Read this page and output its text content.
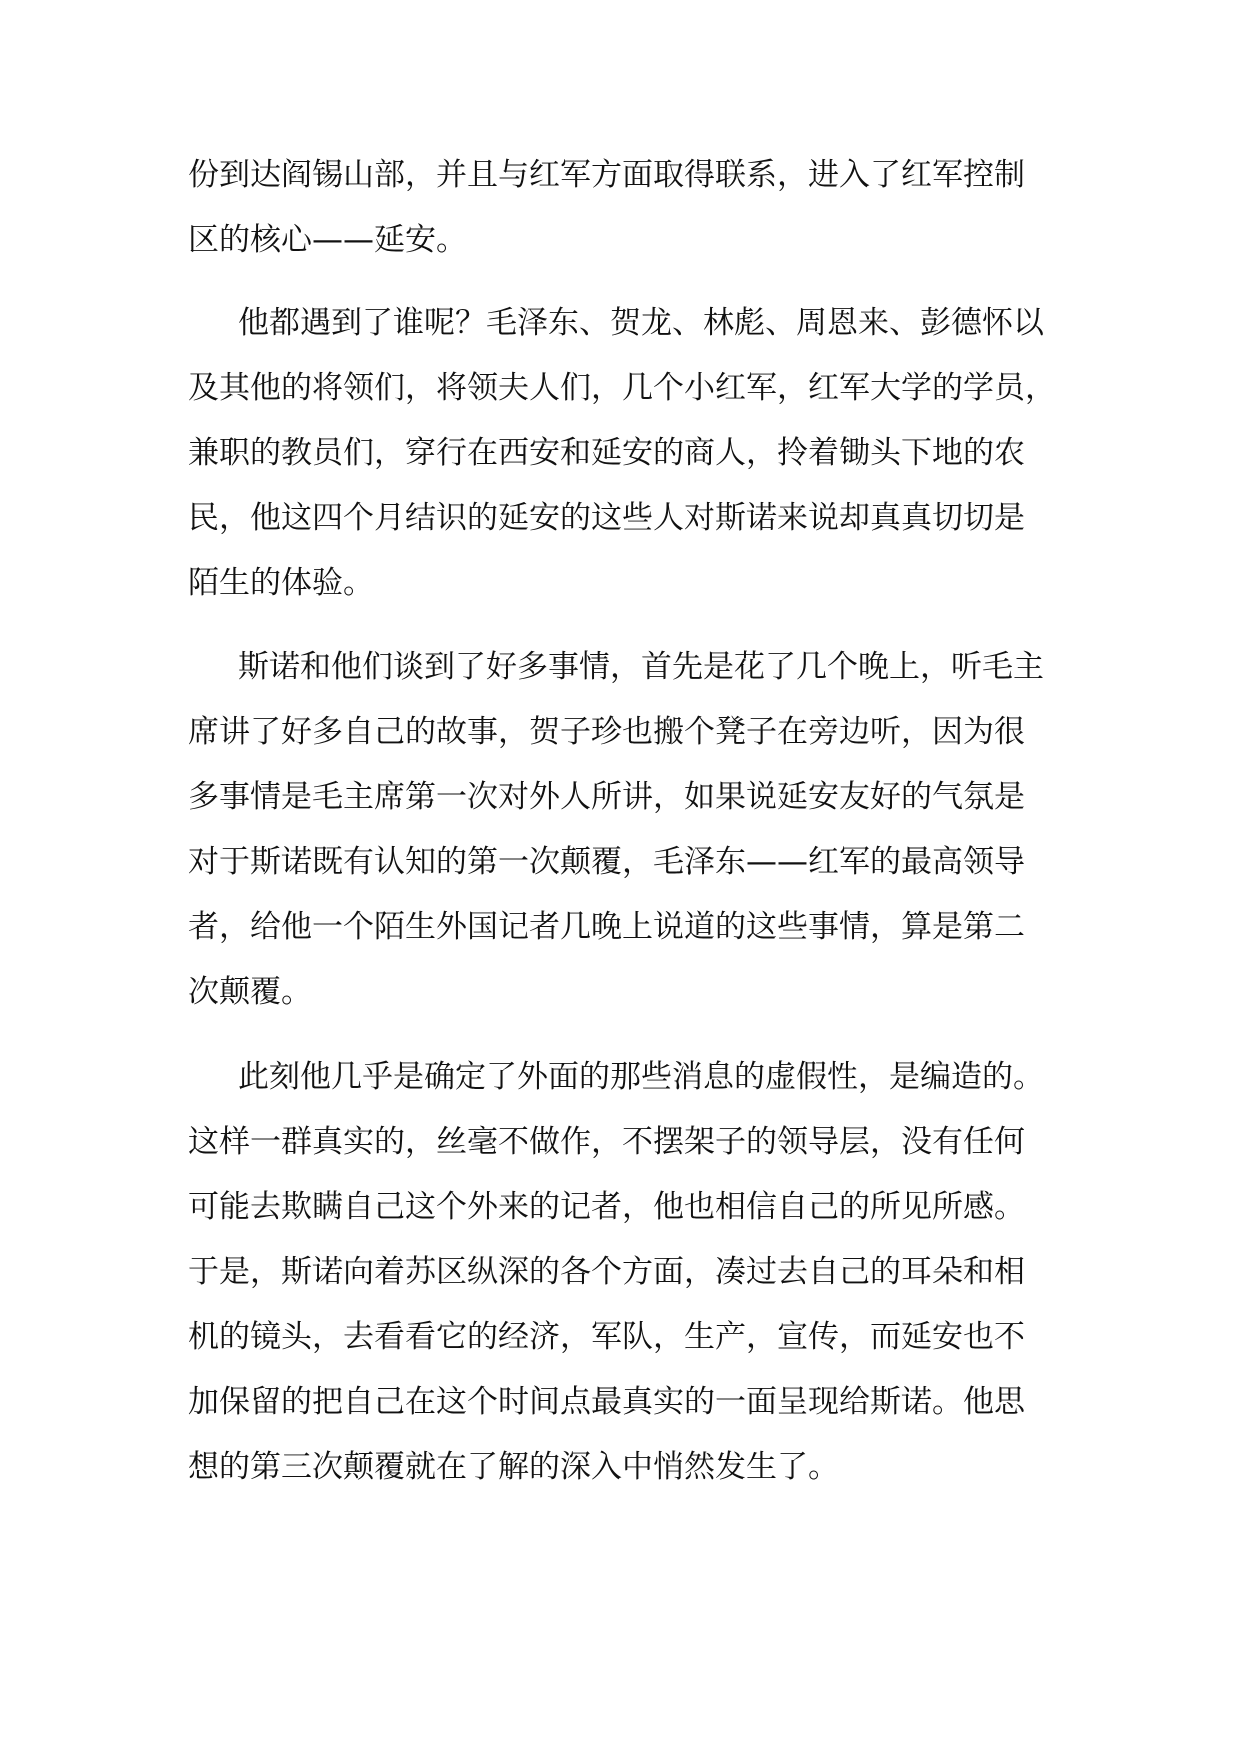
份到达阎锡山部，并且与红军方面取得联系，进入了红军控制
区的核心——延安。
他都遇到了谁呢？毛泽东、贺龙、林彪、周恩来、彭德怀以
及其他的将领们，将领夫人们，几个小红军，红军大学的学员，
兼职的教员们，穿行在西安和延安的商人，拎着锄头下地的农
民，他这四个月结识的延安的这些人对斯诺来说却真真切切是
陌生的体验。
斯诺和他们谈到了好多事情，首先是花了几个晚上，听毛主
席讲了好多自己的故事，贺子珍也搬个凳子在旁边听，因为很
多事情是毛主席第一次对外人所讲，如果说延安友好的气氛是
对于斯诺既有认知的第一次颠覆，毛泽东——红军的最高领导
者，给他一个陌生外国记者几晚上说道的这些事情，算是第二
次颠覆。
此刻他几乎是确定了外面的那些消息的虚假性，是编造的。
这样一群真实的，丝毫不做作，不摆架子的领导层，没有任何
可能去欺瞒自己这个外来的记者，他也相信自己的所见所感。
于是，斯诺向着苏区纵深的各个方面，凑过去自己的耳朵和相
机的镜头，去看看它的经济，军队，生产，宣传，而延安也不
加保留的把自己在这个时间点最真实的一面呈现给斯诺。他思
想的第三次颠覆就在了解的深入中悄然发生了。
